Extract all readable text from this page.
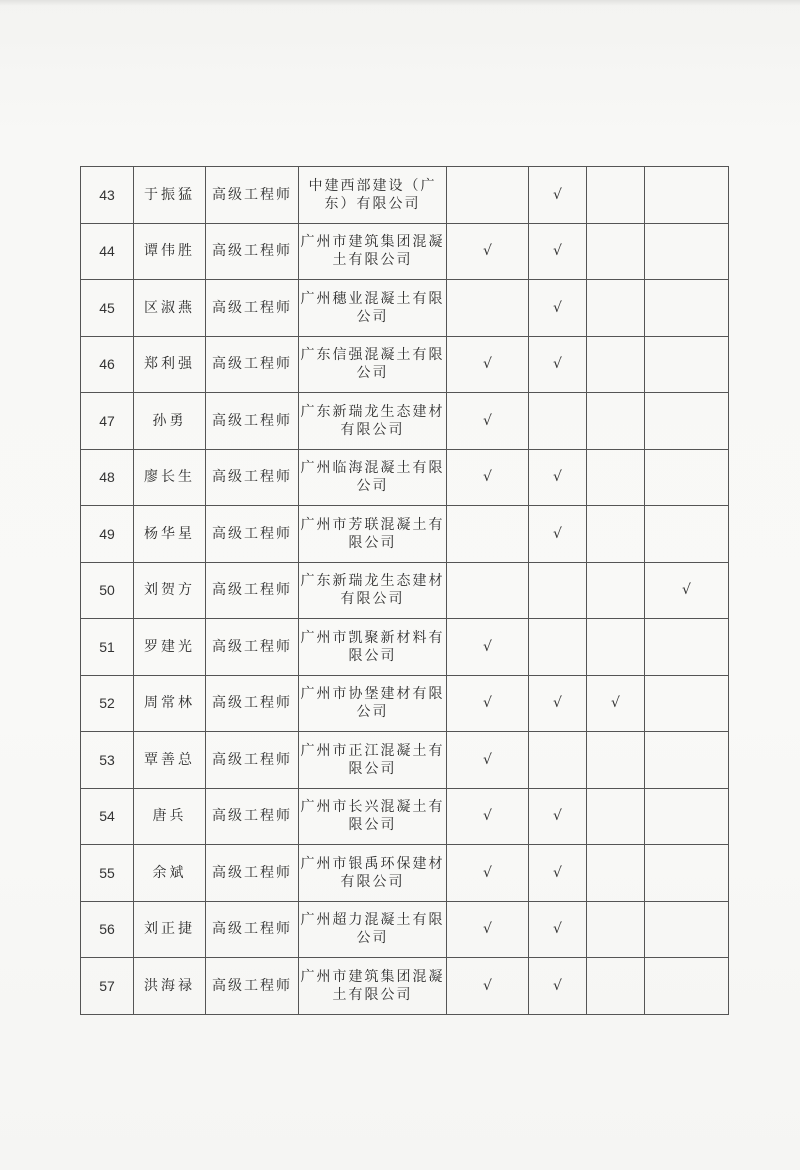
43	于振猛	高级工程师	中建西部建设（广东）有限公司		√		
44	谭伟胜	高级工程师	广州市建筑集团混凝土有限公司	√	√		
45	区淑燕	高级工程师	广州穗业混凝土有限公司		√		
46	郑利强	高级工程师	广东信强混凝土有限公司	√	√		
47	孙勇	高级工程师	广东新瑞龙生态建材有限公司	√			
48	廖长生	高级工程师	广州临海混凝土有限公司	√	√		
49	杨华星	高级工程师	广州市芳联混凝土有限公司		√		
50	刘贺方	高级工程师	广东新瑞龙生态建材有限公司				√
51	罗建光	高级工程师	广州市凯聚新材料有限公司	√			
52	周常林	高级工程师	广州市协堡建材有限公司	√	√	√	
53	覃善总	高级工程师	广州市正江混凝土有限公司	√			
54	唐兵	高级工程师	广州市长兴混凝土有限公司	√	√		
55	余斌	高级工程师	广州市银禹环保建材有限公司	√	√		
56	刘正捷	高级工程师	广州超力混凝土有限公司	√	√		
57	洪海禄	高级工程师	广州市建筑集团混凝土有限公司	√	√		
